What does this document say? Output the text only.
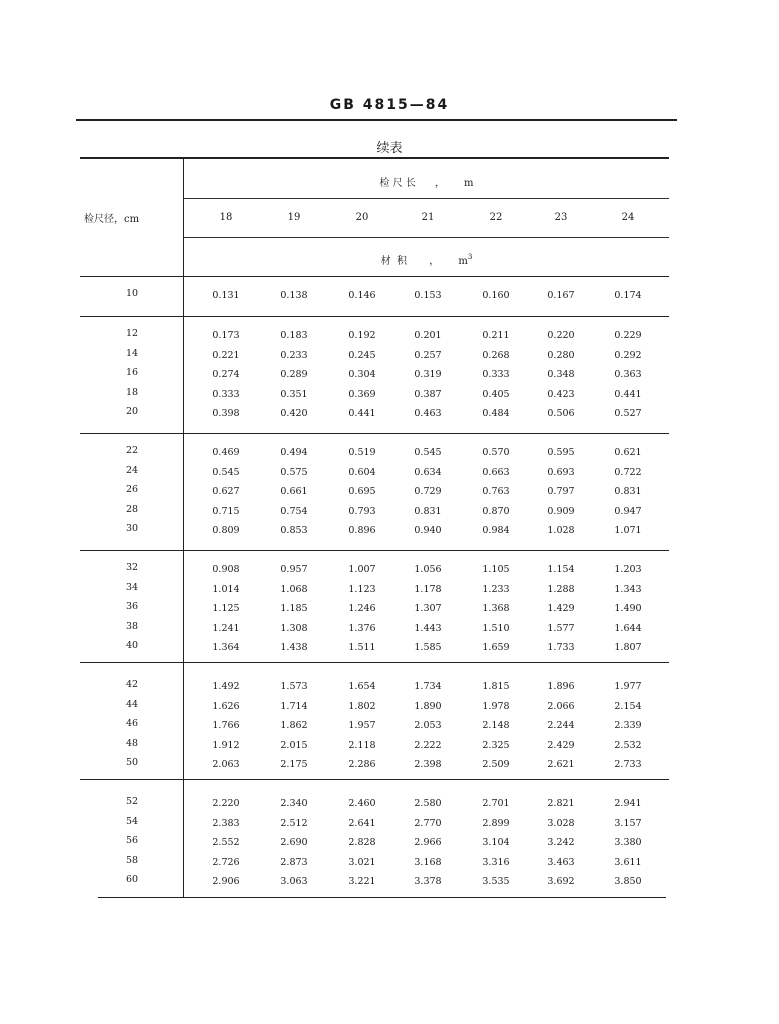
GB 4815—84
续表
检尺径，cm
检 尺 长 ， m
18	19	20	21	22	23	24
材  积 ， $m^3$
10	0.131	0.138	0.146	0.153	0.160	0.167	0.174
12	0.173	0.183	0.192	0.201	0.211	0.220	0.229
14	0.221	0.233	0.245	0.257	0.268	0.280	0.292
16	0.274	0.289	0.304	0.319	0.333	0.348	0.363
18	0.333	0.351	0.369	0.387	0.405	0.423	0.441
20	0.398	0.420	0.441	0.463	0.484	0.506	0.527
22	0.469	0.494	0.519	0.545	0.570	0.595	0.621
24	0.545	0.575	0.604	0.634	0.663	0.693	0.722
26	0.627	0.661	0.695	0.729	0.763	0.797	0.831
28	0.715	0.754	0.793	0.831	0.870	0.909	0.947
30	0.809	0.853	0.896	0.940	0.984	1.028	1.071
32	0.908	0.957	1.007	1.056	1.105	1.154	1.203
34	1.014	1.068	1.123	1.178	1.233	1.288	1.343
36	1.125	1.185	1.246	1.307	1.368	1.429	1.490
38	1.241	1.308	1.376	1.443	1.510	1.577	1.644
40	1.364	1.438	1.511	1.585	1.659	1.733	1.807
42	1.492	1.573	1.654	1.734	1.815	1.896	1.977
44	1.626	1.714	1.802	1.890	1.978	2.066	2.154
46	1.766	1.862	1.957	2.053	2.148	2.244	2.339
48	1.912	2.015	2.118	2.222	2.325	2.429	2.532
50	2.063	2.175	2.286	2.398	2.509	2.621	2.733
52	2.220	2.340	2.460	2.580	2.701	2.821	2.941
54	2.383	2.512	2.641	2.770	2.899	3.028	3.157
56	2.552	2.690	2.828	2.966	3.104	3.242	3.380
58	2.726	2.873	3.021	3.168	3.316	3.463	3.611
60	2.906	3.063	3.221	3.378	3.535	3.692	3.850
